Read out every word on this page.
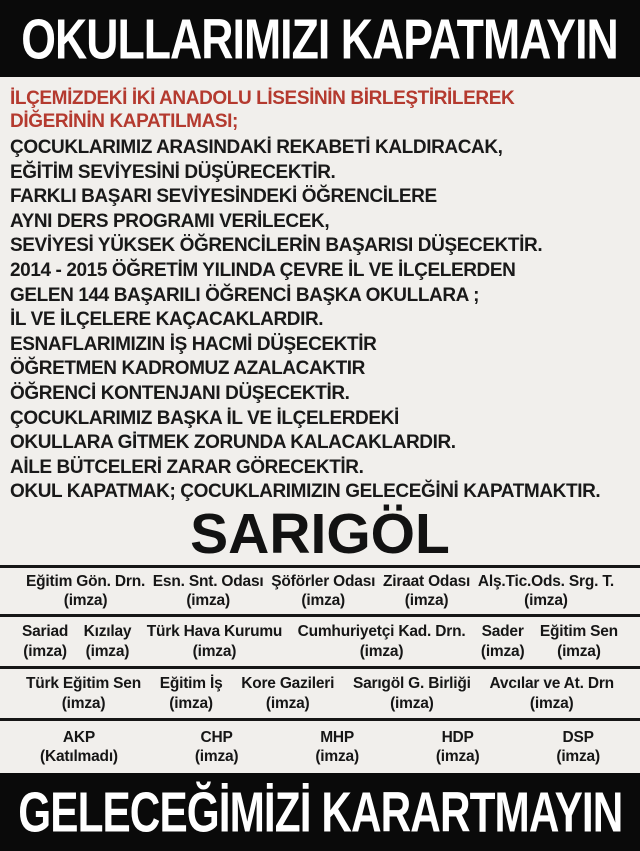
OKULLARIMIZI KAPATMAYIN

İLÇEMİZDEKİ İKİ ANADOLU LİSESİNİN BİRLEŞTİRİLEREK

DİĞERİNİN KAPATILMASI;

ÇOCUKLARIMIZ ARASINDAKİ REKABETİ KALDIRACAK,

EĞİTİM SEVİYESİNİ DÜŞÜRECEKTİR.

FARKLI BAŞARI SEVİYESİNDEKİ ÖĞRENCİLERE

AYNI DERS PROGRAMI VERİLECEK,

SEVİYESİ YÜKSEK ÖĞRENCİLERİN BAŞARISI DÜŞECEKTİR.

2014 - 2015 ÖĞRETİM YILINDA ÇEVRE İL VE İLÇELERDEN

GELEN 144 BAŞARILI ÖĞRENCİ BAŞKA OKULLARA ;

İL VE İLÇELERE KAÇACAKLARDIR.

ESNAFLARIMIZIN İŞ HACMİ DÜŞECEKTİR

ÖĞRETMEN KADROMUZ AZALACAKTIR

ÖĞRENCİ KONTENJANI DÜŞECEKTİR.

ÇOCUKLARIMIZ BAŞKA İL VE İLÇELERDEKİ

OKULLARA GİTMEK ZORUNDA KALACAKLARDIR.

AİLE BÜTCELERİ ZARAR GÖRECEKTİR.

OKUL KAPATMAK; ÇOCUKLARIMIZIN GELECEĞİNİ KAPATMAKTIR.

SARIGÖL
Eğitim Gön. Drn.
(imza)
Esn. Snt. Odası
(imza)
Şöförler Odası
(imza)
Ziraat Odası
(imza)
Alş.Tic.Ods. Srg. T.
(imza)
Sariad
(imza)
Kızılay
(imza)
Türk Hava Kurumu
(imza)
Cumhuriyetçi Kad. Drn.
(imza)
Sader
(imza)
Eğitim Sen
(imza)
Türk Eğitim Sen
(imza)
Eğitim İş
(imza)
Kore Gazileri
(imza)
Sarıgöl G. Birliği
(imza)
Avcılar ve At. Drn
(imza)
AKP
(Katılmadı)
CHP
(imza)
MHP
(imza)
HDP
(imza)
DSP
(imza)
GELECEĞİMİZİ KARARTMAYIN
